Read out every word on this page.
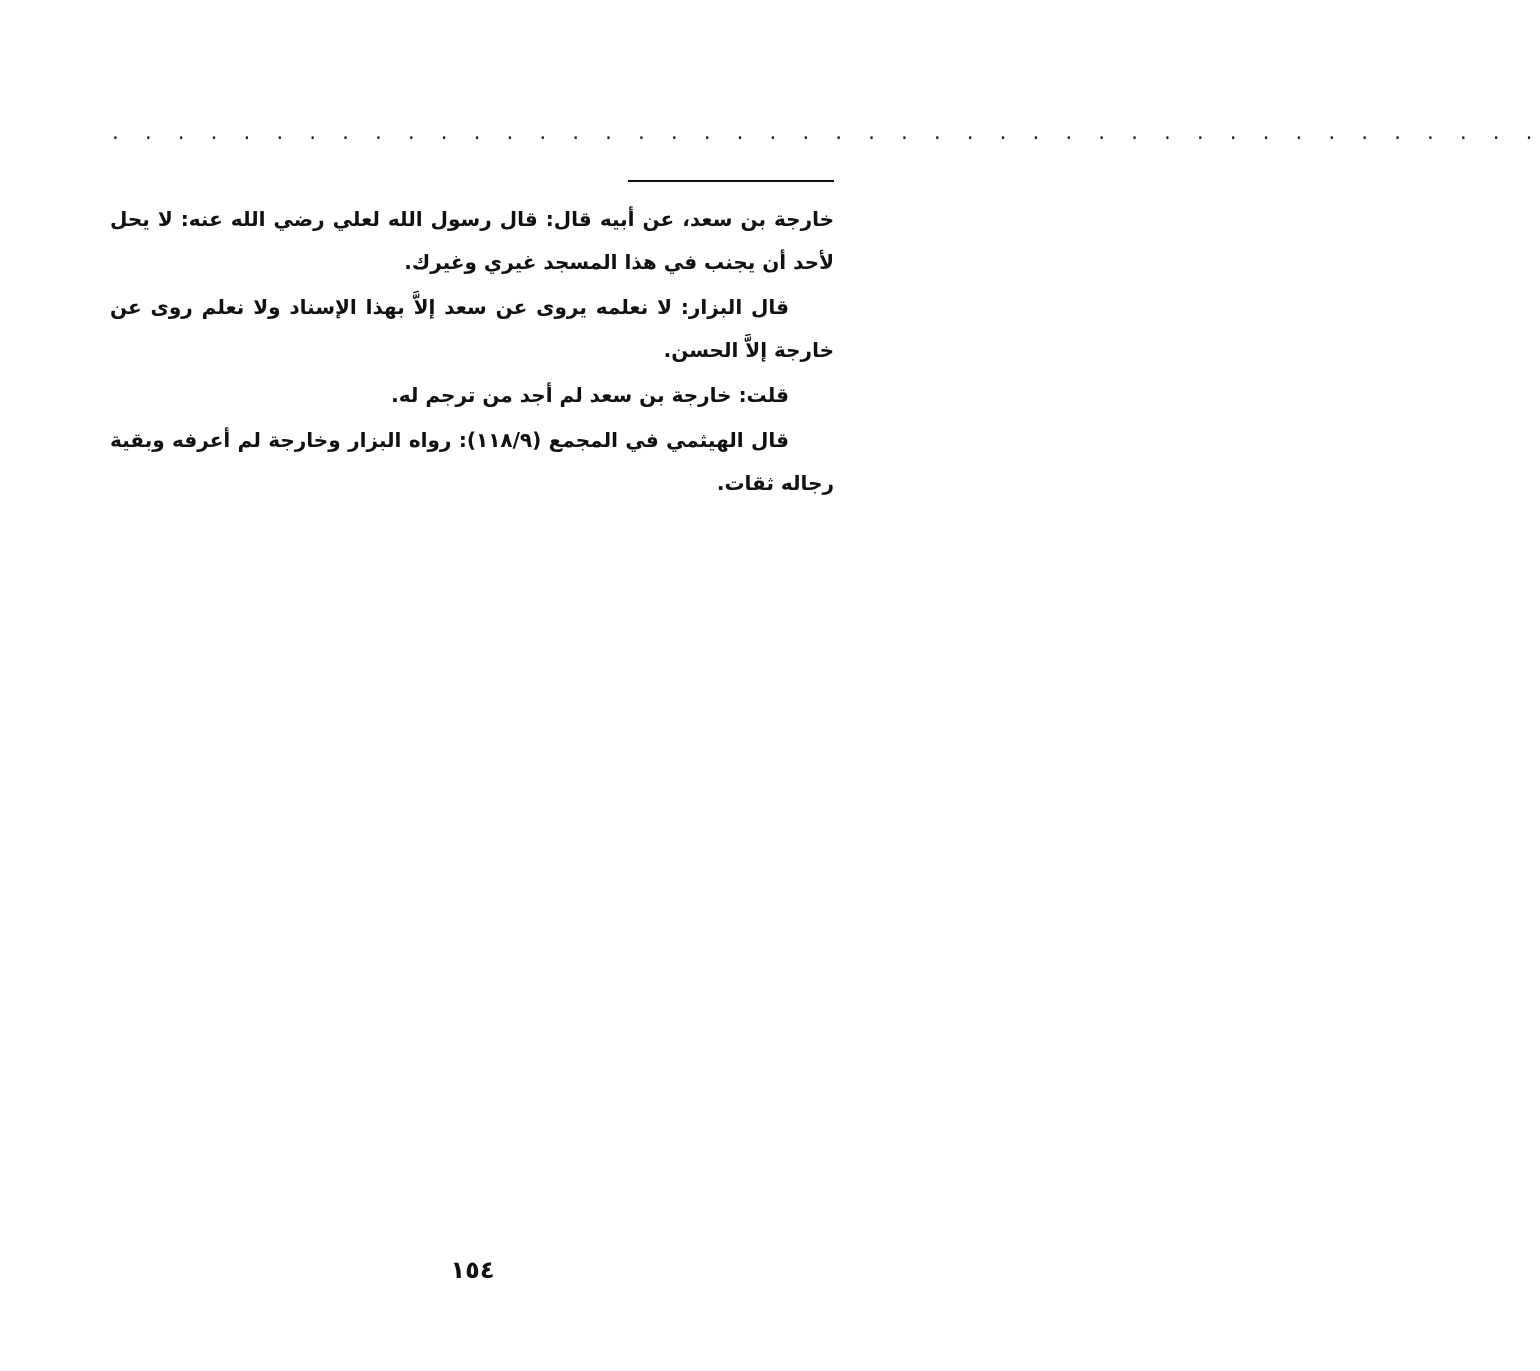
. . . . . . . . . . . . . . . . . . . . . . . . . . . . . . . . . . . . . . . . . . . .

خارجة بن سعد، عن أبيه قال: قال رسول الله لعلي رضي الله عنه: لا يحل لأحد أن يجنب في هذا المسجد غيري وغيرك.

قال البزار: لا نعلمه يروى عن سعد إلاَّ بهذا الإسناد ولا نعلم روى عن خارجة إلاَّ الحسن.

قلت: خارجة بن سعد لم أجد من ترجم له.

قال الهيثمي في المجمع (١١٨/٩): رواه البزار وخارجة لم أعرفه وبقية رجاله ثقات.

١٥٤
